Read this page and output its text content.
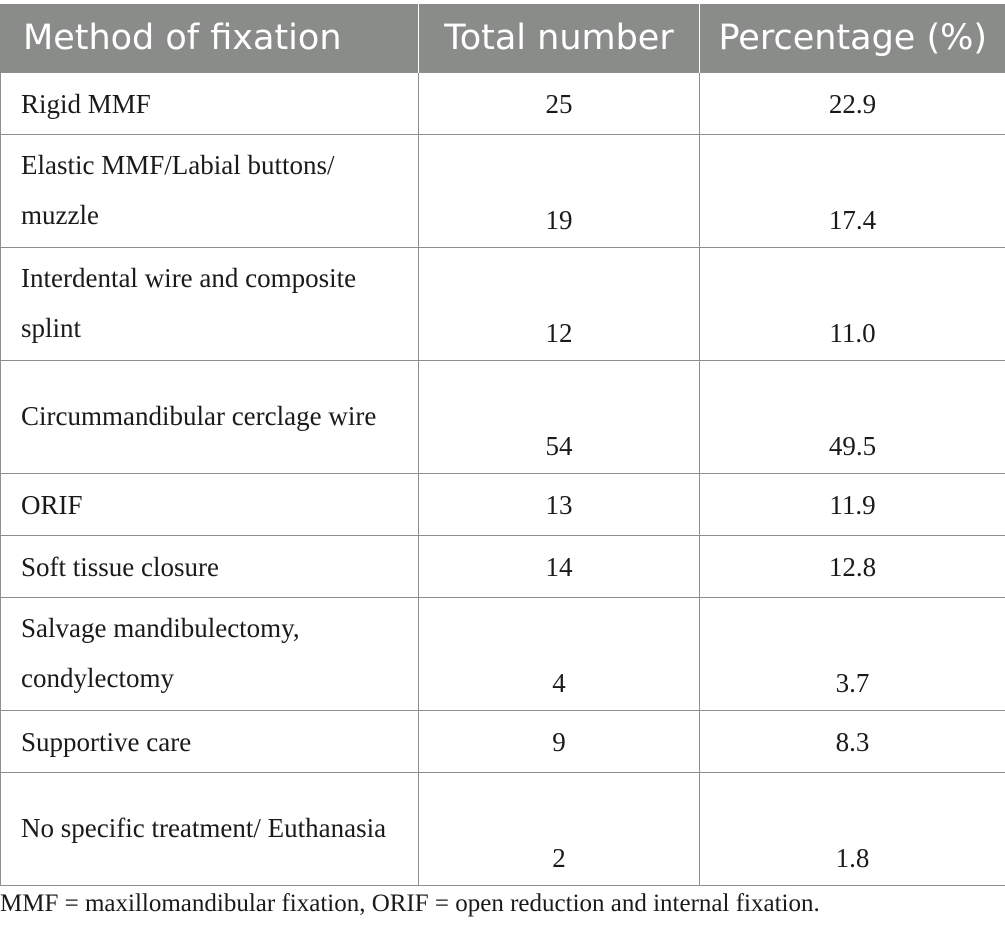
Method of fixation	Total number	Percentage (%)
Rigid MMF	25	22.9
Elastic MMF/Labial buttons/ muzzle	19	17.4
Interdental wire and composite splint	12	11.0
Circummandibular cerclage wire	54	49.5
ORIF	13	11.9
Soft tissue closure	14	12.8
Salvage mandibulectomy, condylectomy	4	3.7
Supportive care	9	8.3
No specific treatment/ Euthanasia	2	1.8
MMF = maxillomandibular fixation, ORIF = open reduction and internal fixation.
